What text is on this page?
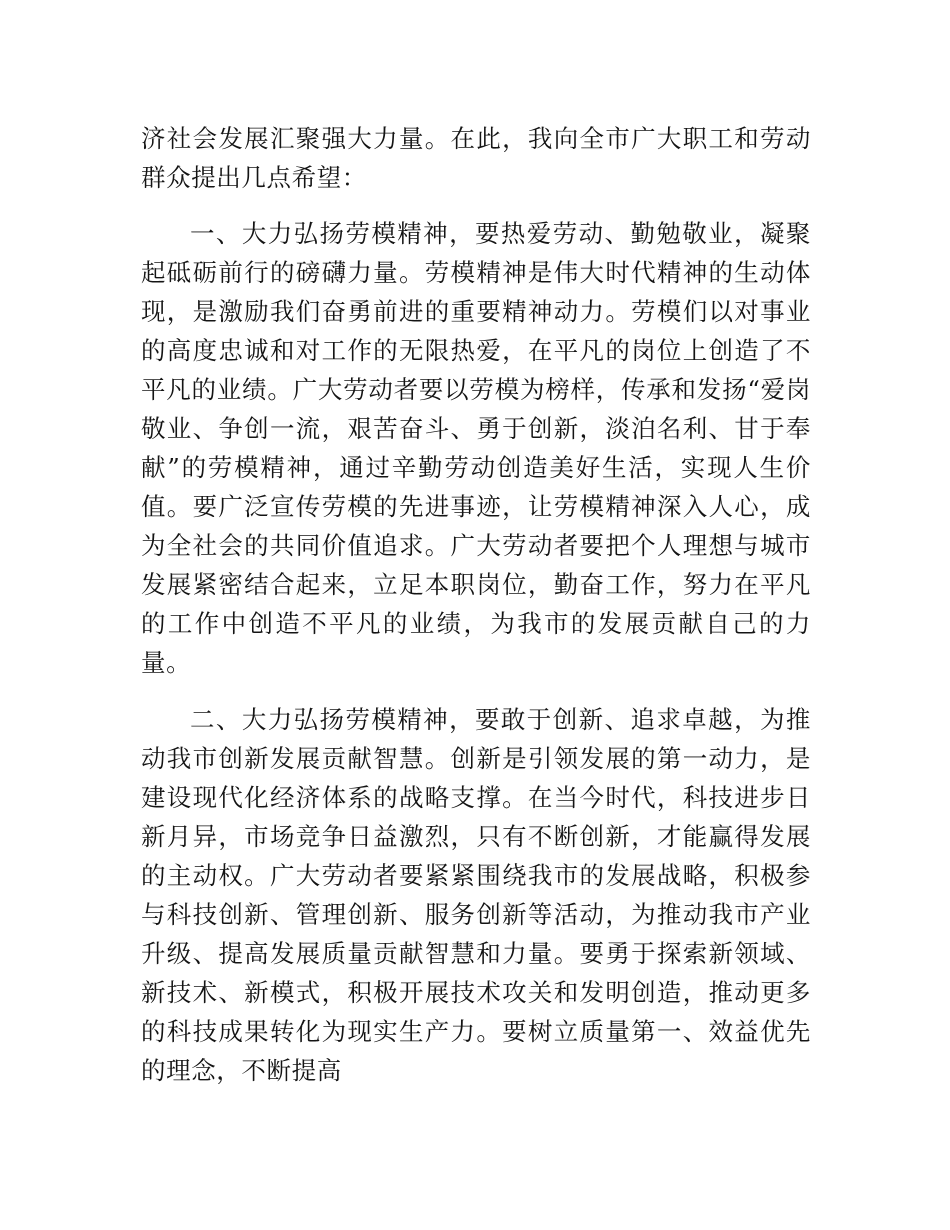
济社会发展汇聚强大力量。在此，我向全市广大职工和劳动群众提出几点希望：

一、大力弘扬劳模精神，要热爱劳动、勤勉敬业，凝聚起砥砺前行的磅礴力量。劳模精神是伟大时代精神的生动体现，是激励我们奋勇前进的重要精神动力。劳模们以对事业的高度忠诚和对工作的无限热爱，在平凡的岗位上创造了不平凡的业绩。广大劳动者要以劳模为榜样，传承和发扬“爱岗敬业、争创一流，艰苦奋斗、勇于创新，淡泊名利、甘于奉献”的劳模精神，通过辛勤劳动创造美好生活，实现人生价值。要广泛宣传劳模的先进事迹，让劳模精神深入人心，成为全社会的共同价值追求。广大劳动者要把个人理想与城市发展紧密结合起来，立足本职岗位，勤奋工作，努力在平凡的工作中创造不平凡的业绩，为我市的发展贡献自己的力量。

二、大力弘扬劳模精神，要敢于创新、追求卓越，为推动我市创新发展贡献智慧。创新是引领发展的第一动力，是建设现代化经济体系的战略支撑。在当今时代，科技进步日新月异，市场竞争日益激烈，只有不断创新，才能赢得发展的主动权。广大劳动者要紧紧围绕我市的发展战略，积极参与科技创新、管理创新、服务创新等活动，为推动我市产业升级、提高发展质量贡献智慧和力量。要勇于探索新领域、新技术、新模式，积极开展技术攻关和发明创造，推动更多的科技成果转化为现实生产力。要树立质量第一、效益优先的理念，不断提高
